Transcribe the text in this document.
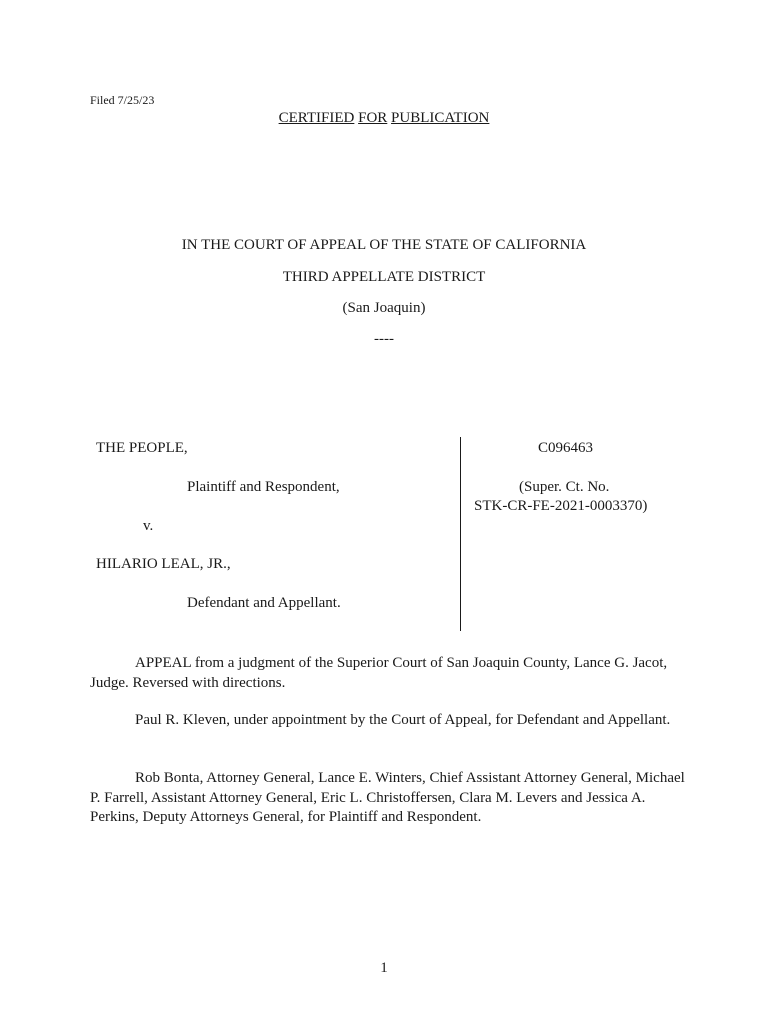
Filed 7/25/23
CERTIFIED FOR PUBLICATION
IN THE COURT OF APPEAL OF THE STATE OF CALIFORNIA
THIRD APPELLATE DISTRICT
(San Joaquin)
----
THE PEOPLE,
Plaintiff and Respondent,
v.
HILARIO LEAL, JR.,
Defendant and Appellant.
C096463
(Super. Ct. No.
STK-CR-FE-2021-0003370)
APPEAL from a judgment of the Superior Court of San Joaquin County, Lance G. Jacot, Judge. Reversed with directions.
Paul R. Kleven, under appointment by the Court of Appeal, for Defendant and Appellant.
Rob Bonta, Attorney General, Lance E. Winters, Chief Assistant Attorney General, Michael P. Farrell, Assistant Attorney General, Eric L. Christoffersen, Clara M. Levers and Jessica A. Perkins, Deputy Attorneys General, for Plaintiff and Respondent.
1
